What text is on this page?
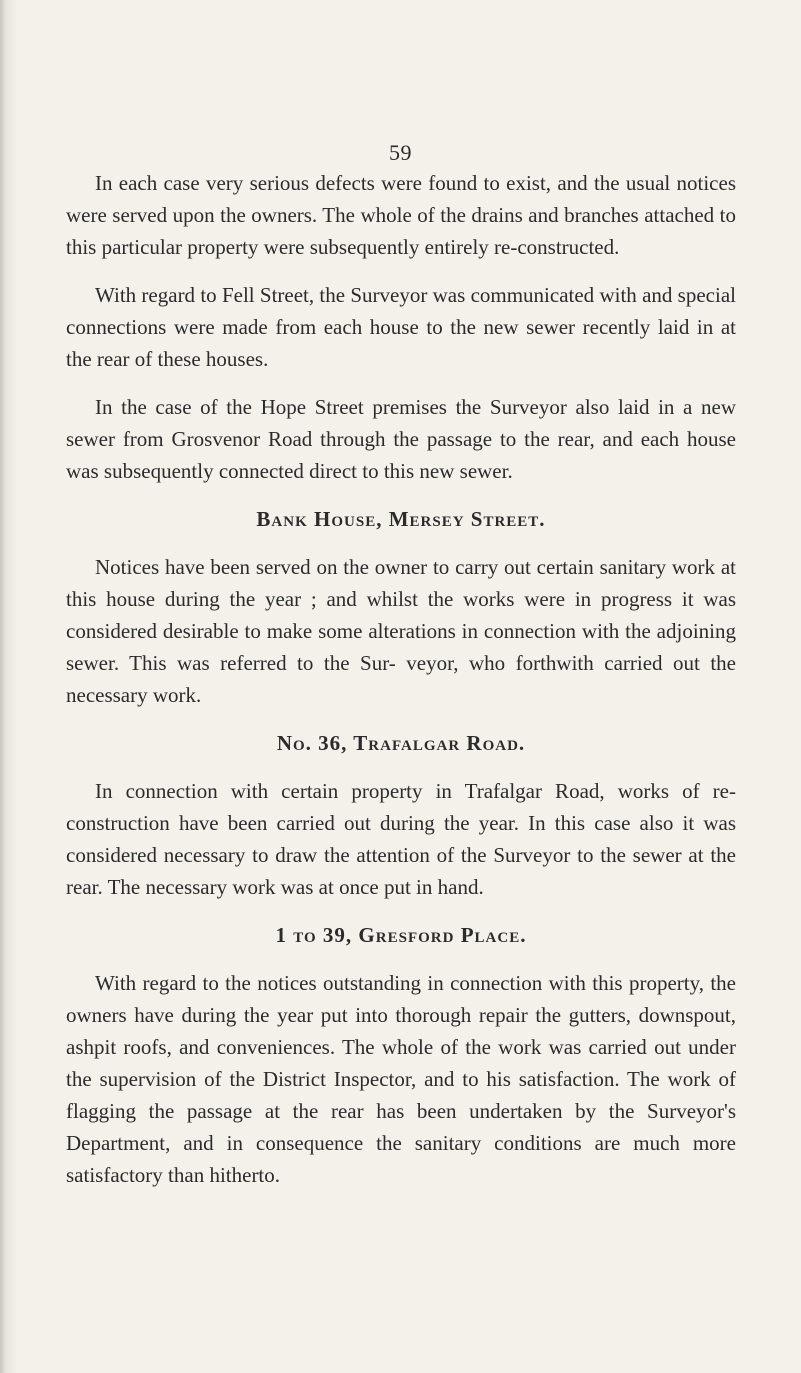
59

In each case very serious defects were found to exist, and the usual notices were served upon the owners. The whole of the drains and branches attached to this particular property were subsequently entirely re-constructed.

With regard to Fell Street, the Surveyor was communicated with and special connections were made from each house to the new sewer recently laid in at the rear of these houses.

In the case of the Hope Street premises the Surveyor also laid in a new sewer from Grosvenor Road through the passage to the rear, and each house was subsequently connected direct to this new sewer.

Bank House, Mersey Street.

Notices have been served on the owner to carry out certain sanitary work at this house during the year ; and whilst the works were in progress it was considered desirable to make some alterations in connection with the adjoining sewer. This was referred to the Sur- veyor, who forthwith carried out the necessary work.

No. 36, Trafalgar Road.

In connection with certain property in Trafalgar Road, works of re-construction have been carried out during the year. In this case also it was considered necessary to draw the attention of the Surveyor to the sewer at the rear. The necessary work was at once put in hand.

1 to 39, Gresford Place.

With regard to the notices outstanding in connection with this property, the owners have during the year put into thorough repair the gutters, downspout, ashpit roofs, and conveniences. The whole of the work was carried out under the supervision of the District Inspector, and to his satisfaction. The work of flagging the passage at the rear has been undertaken by the Surveyor's Department, and in consequence the sanitary conditions are much more satisfactory than hitherto.
